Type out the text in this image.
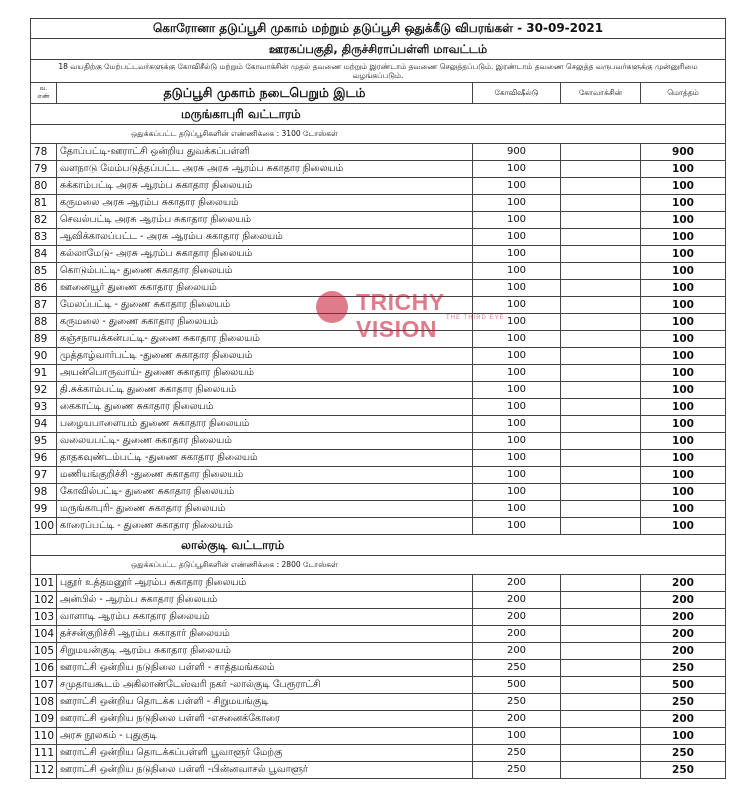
கொரோனா தடுப்பூசி முகாம் மற்றும் தடுப்பூசி ஒதுக்கீடு விபரங்கள் - 30-09-2021				
ஊரகப்பகுதி, திருச்சிராப்பள்ளி மாவட்டம்				
18 வயதிற்கு மேற்பட்டவர்களுக்கு கோவிசீல்டு மற்றும் கோவாக்சின் முதல் தவணை மற்றும் இரண்டாம் தவணை செலுத்தப்படும். இரண்டாம் தவணை செலுத்த வருபவர்களுக்கு முன்னுரிமை வழங்கப்படும்.				
வ. எண்	தடுப்பூசி முகாம் நடைபெறும் இடம்	கோவிஷீல்டு	கோவாக்சின்	மொத்தம்
மருங்காபுரி வட்டாரம்				
ஒதுக்கப்பட்ட தடுப்பூசிகளின் எண்ணிக்கை : 3100 டோஸ்கள்				
78	தோப்பட்டி-ஊராட்சி ஒன்றிய துவக்கப்பள்ளி	900		900
79	வளநாடு மேம்படுத்தப்பட்ட அரசு அரசு ஆரம்ப சுகாதார நிலையம்	100		100
80	சுக்காம்பட்டி அரசு ஆரம்ப சுகாதார நிலையம்	100		100
81	கருமலை அரசு ஆரம்ப சுகாதார நிலையம்	100		100
82	செவல்பட்டி அரசு ஆரம்ப சுகாதார நிலையம்	100		100
83	ஆவிக்காலப்பட்ட - அரசு ஆரம்ப சுகாதார நிலையம்	100		100
84	கல்லாமேடு- அரசு ஆரம்ப சுகாதார நிலையம்	100		100
85	கொடும்பட்டி- துணை சுகாதார நிலையம்	100		100
86	ஊனையூர் துணை சுகாதார நிலையம்	100		100
87	மேலப்பட்டி - துணை சுகாதார நிலையம்	100		100
88	கருமலை - துணை சுகாதார நிலையம்	100		100
89	கஞ்சநாயக்கன்பட்டி- துணை சுகாதார நிலையம்	100		100
90	முத்தாழ்வார்பட்டி -துணை சுகாதார நிலையம்	100		100
91	அயன்பொருவாய்- துணை சுகாதார நிலையம்	100		100
92	தி.சுக்காம்பட்டி துணை சுகாதார நிலையம்	100		100
93	கைகாட்டி துணை சுகாதார நிலையம்	100		100
94	பழையபாளையம் துணை சுகாதார நிலையம்	100		100
95	வலையபட்டி- துணை சுகாதார நிலையம்	100		100
96	தாதகவுண்டம்பட்டி -துணை சுகாதார நிலையம்	100		100
97	மணியங்குறிச்சி -துணை சுகாதார நிலையம்	100		100
98	கோவில்பட்டி- துணை சுகாதார நிலையம்	100		100
99	மருங்காபுரி- துணை சுகாதார நிலையம்	100		100
100	காரைப்பட்டி - துணை சுகாதார நிலையம்	100		100
லால்குடி வட்டாரம்				
ஒதுக்கப்பட்ட தடுப்பூசிகளின் எண்ணிக்கை : 2800 டோஸ்கள்				
101	புதூர் உத்தமனூர் ஆரம்ப சுகாதார நிலையம்	200		200
102	அன்பில் - ஆரம்ப சுகாதார நிலையம்	200		200
103	வாளாடி ஆரம்ப சுகாதார நிலையம்	200		200
104	தச்சன்குறிச்சி ஆரம்ப சுகாதார் நிலையம்	200		200
105	சிறுமயன்குடி ஆரம்ப சுகாதார நிலையம்	200		200
106	ஊராட்சி ஒன்றிய நடுநிலை பள்ளி - சாத்தமங்கலம்	250		250
107	சமுதாயகூடம் அகிலாண்டேஸ்வரி நகர் -லால்குடி பேரூராட்சி	500		500
108	ஊராட்சி ஒன்றிய தொடக்க பள்ளி - சிறுமயங்குடி	250		250
109	ஊராட்சி ஒன்றிய நடுநிலை பள்ளி -எசனைக்கோரை	200		200
110	அரசு நூலகம் - புதுகுடி	100		100
111	ஊராட்சி ஒன்றிய தொடக்கப்பள்ளி பூவாளூர் மேற்கு	250		250
112	ஊராட்சி ஒன்றிய நடுநிலை பள்ளி -பின்னவாசல் பூவாளூர்	250		250
TRICHY VISION	THE THIRD EYE
